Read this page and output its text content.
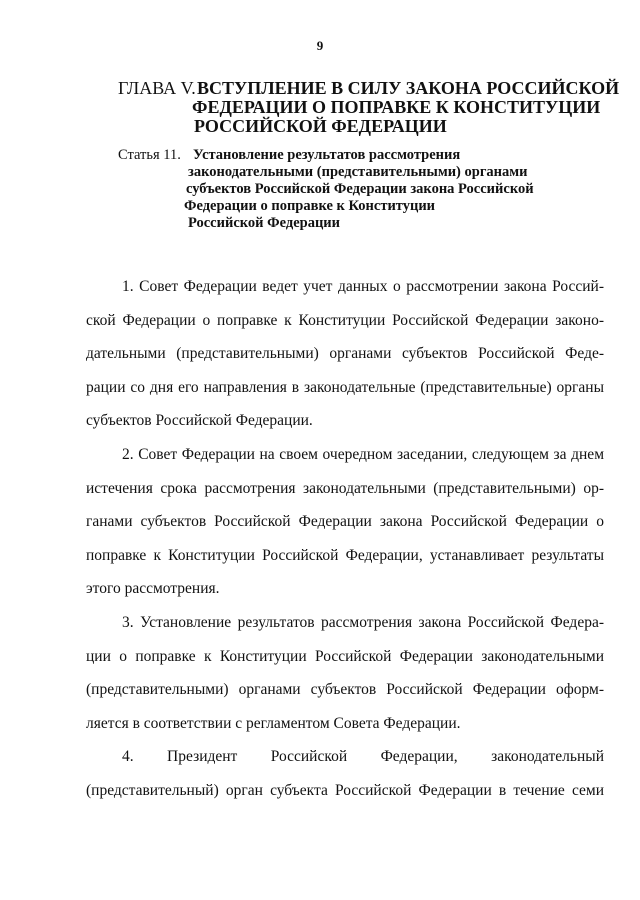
9
ГЛАВА V. ВСТУПЛЕНИЕ В СИЛУ ЗАКОНА РОССИЙСКОЙ
ФЕДЕРАЦИИ О ПОПРАВКЕ К КОНСТИТУЦИИ
РОССИЙСКОЙ ФЕДЕРАЦИИ
Статья 11. Установление результатов рассмотрения
законодательными (представительными) органами
субъектов Российской Федерации закона Российской
Федерации о поправке к Конституции
Российской Федерации
1. Совет Федерации ведет учет данных о рассмотрении закона Россий-
ской Федерации о поправке к Конституции Российской Федерации законо-
дательными (представительными) органами субъектов Российской Феде-
рации со дня его направления в законодательные (представительные) органы
субъектов Российской Федерации.
2. Совет Федерации на своем очередном заседании, следующем за днем
истечения срока рассмотрения законодательными (представительными) ор-
ганами субъектов Российской Федерации закона Российской Федерации о
поправке к Конституции Российской Федерации, устанавливает результаты
этого рассмотрения.
3. Установление результатов рассмотрения закона Российской Федера-
ции о поправке к Конституции Российской Федерации законодательными
(представительными) органами субъектов Российской Федерации оформ-
ляется в соответствии с регламентом Совета Федерации.
4. Президент Российской Федерации, законодательный
(представительный) орган субъекта Российской Федерации в течение семи
